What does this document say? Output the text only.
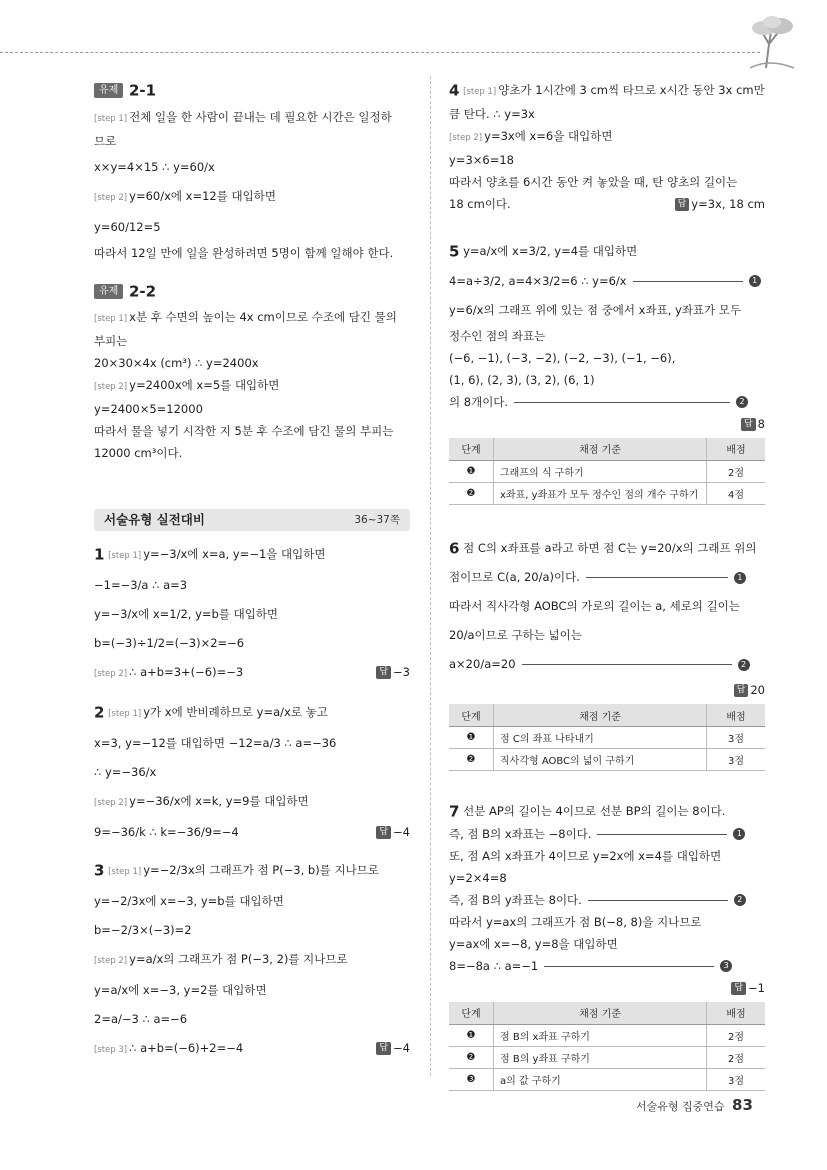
유제 2-1
[step 1] 전체 일을 한 사람이 끝내는 데 필요한 시간은 일정하
므로
x×y=4×15 ∴ y=60/x
[step 2] y=60/x에 x=12를 대입하면
y=60/12=5
따라서 12일 만에 일을 완성하려면 5명이 함께 일해야 한다.
유제 2-2
[step 1] x분 후 수면의 높이는 4x cm이므로 수조에 담긴 물의
부피는
20×30×4x (cm³) ∴ y=2400x
[step 2] y=2400x에 x=5를 대입하면
y=2400×5=12000
따라서 물을 넣기 시작한 지 5분 후 수조에 담긴 물의 부피는
12000 cm³이다.
서술유형 실전대비	36~37쪽
1 [step 1] y=−3/x에 x=a, y=−1을 대입하면
−1=−3/a ∴ a=3
y=−3/x에 x=1/2, y=b를 대입하면
b=(−3)÷1/2=(−3)×2=−6
[step 2] ∴ a+b=3+(−6)=−3	답 −3
2 [step 1] y가 x에 반비례하므로 y=a/x로 놓고
x=3, y=−12를 대입하면 −12=a/3 ∴ a=−36
∴ y=−36/x
[step 2] y=−36/x에 x=k, y=9를 대입하면
9=−36/k ∴ k=−36/9=−4	답 −4
3 [step 1] y=−2/3x의 그래프가 점 P(−3, b)를 지나므로
y=−2/3x에 x=−3, y=b를 대입하면
b=−2/3×(−3)=2
[step 2] y=a/x의 그래프가 점 P(−3, 2)를 지나므로
y=a/x에 x=−3, y=2를 대입하면
2=a/−3 ∴ a=−6
[step 3] ∴ a+b=(−6)+2=−4	답 −4
4 [step 1] 양초가 1시간에 3 cm씩 타므로 x시간 동안 3x cm만
큼 탄다. ∴ y=3x
[step 2] y=3x에 x=6을 대입하면
y=3×6=18
따라서 양초를 6시간 동안 켜 놓았을 때, 탄 양초의 길이는
18 cm이다.	답 y=3x, 18 cm
5 y=a/x에 x=3/2, y=4를 대입하면
4=a÷3/2, a=4×3/2=6 ∴ y=6/x	1
y=6/x의 그래프 위에 있는 점 중에서 x좌표, y좌표가 모두
정수인 점의 좌표는
(−6, −1), (−3, −2), (−2, −3), (−1, −6),
(1, 6), (2, 3), (3, 2), (6, 1)
의 8개이다.	2
답 8
단계	채점 기준	배점
❶	그래프의 식 구하기	2점
❷	x좌표, y좌표가 모두 정수인 점의 개수 구하기	4점
6 점 C의 x좌표를 a라고 하면 점 C는 y=20/x의 그래프 위의
점이므로 C(a, 20/a)이다.	1
따라서 직사각형 AOBC의 가로의 길이는 a, 세로의 길이는
20/a이므로 구하는 넓이는
a×20/a=20	2
답 20
단계	채점 기준	배점
❶	점 C의 좌표 나타내기	3점
❷	직사각형 AOBC의 넓이 구하기	3점
7 선분 AP의 길이는 4이므로 선분 BP의 길이는 8이다.
즉, 점 B의 x좌표는 −8이다.	1
또, 점 A의 x좌표가 4이므로 y=2x에 x=4를 대입하면
y=2×4=8
즉, 점 B의 y좌표는 8이다.	2
따라서 y=ax의 그래프가 점 B(−8, 8)을 지나므로
y=ax에 x=−8, y=8을 대입하면
8=−8a ∴ a=−1	3
답 −1
단계	채점 기준	배점
❶	점 B의 x좌표 구하기	2점
❷	점 B의 y좌표 구하기	2점
❸	a의 값 구하기	3점
서술유형 집중연습 83
